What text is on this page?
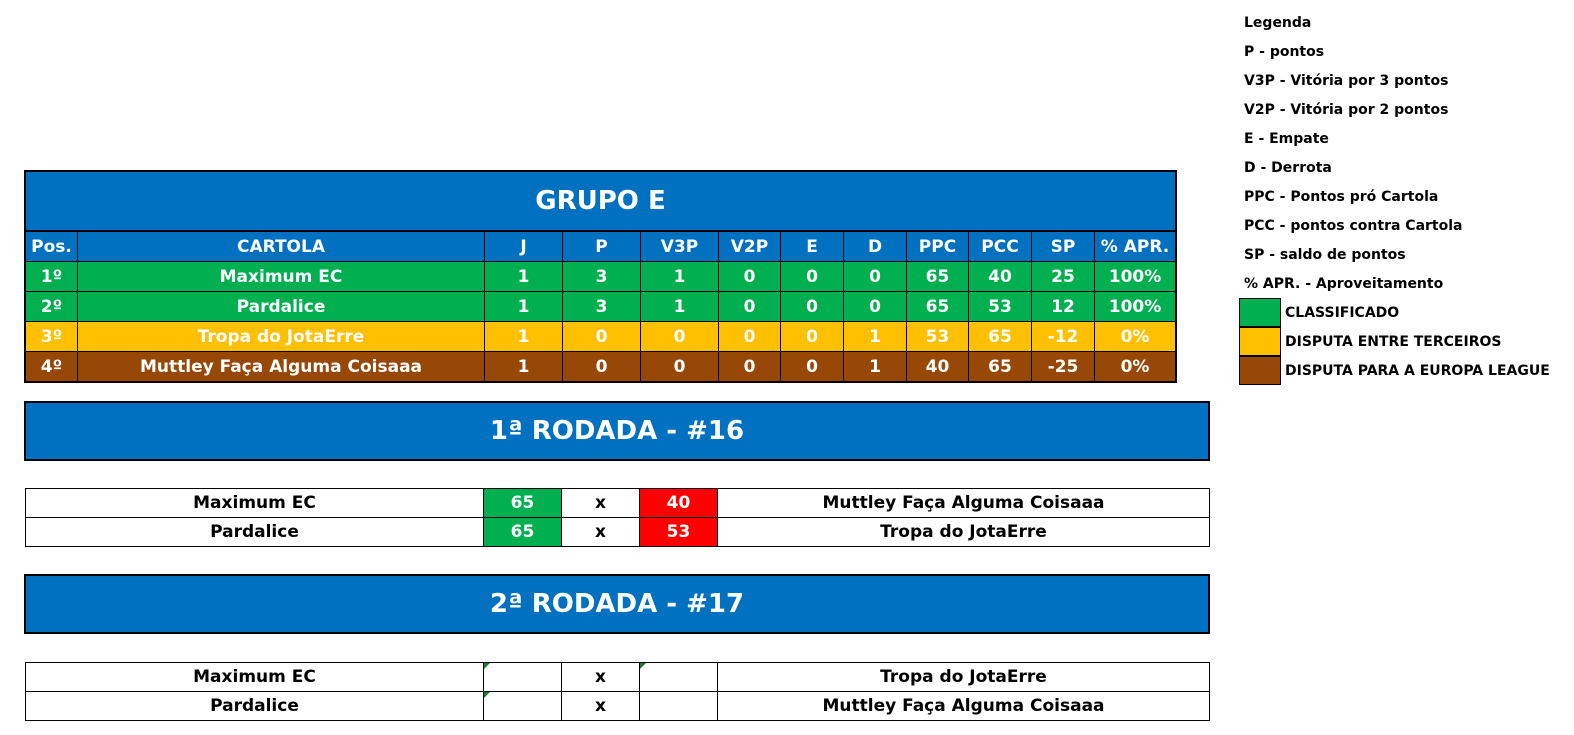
GRUPO E
Pos.	CARTOLA	J	P	V3P	V2P	E	D	PPC	PCC	SP	% APR.
1º	Maximum EC	1	3	1	0	0	0	65	40	25	100%
2º	Pardalice	1	3	1	0	0	0	65	53	12	100%
3º	Tropa do JotaErre	1	0	0	0	0	1	53	65	-12	0%
4º	Muttley Faça Alguma Coisaaa	1	0	0	0	0	1	40	65	-25	0%
1ª RODADA - #16
Maximum EC	65	x	40	Muttley Faça Alguma Coisaaa
Pardalice	65	x	53	Tropa do JotaErre
2ª RODADA - #17
Maximum EC	x	Tropa do JotaErre
Pardalice	x	Muttley Faça Alguma Coisaaa
Legenda
P - pontos
V3P - Vitória por 3 pontos
V2P - Vitória por 2 pontos
E - Empate
D - Derrota
PPC - Pontos pró Cartola
PCC - pontos contra Cartola
SP - saldo de pontos
% APR. - Aproveitamento
CLASSIFICADO
DISPUTA ENTRE TERCEIROS
DISPUTA PARA A EUROPA LEAGUE
